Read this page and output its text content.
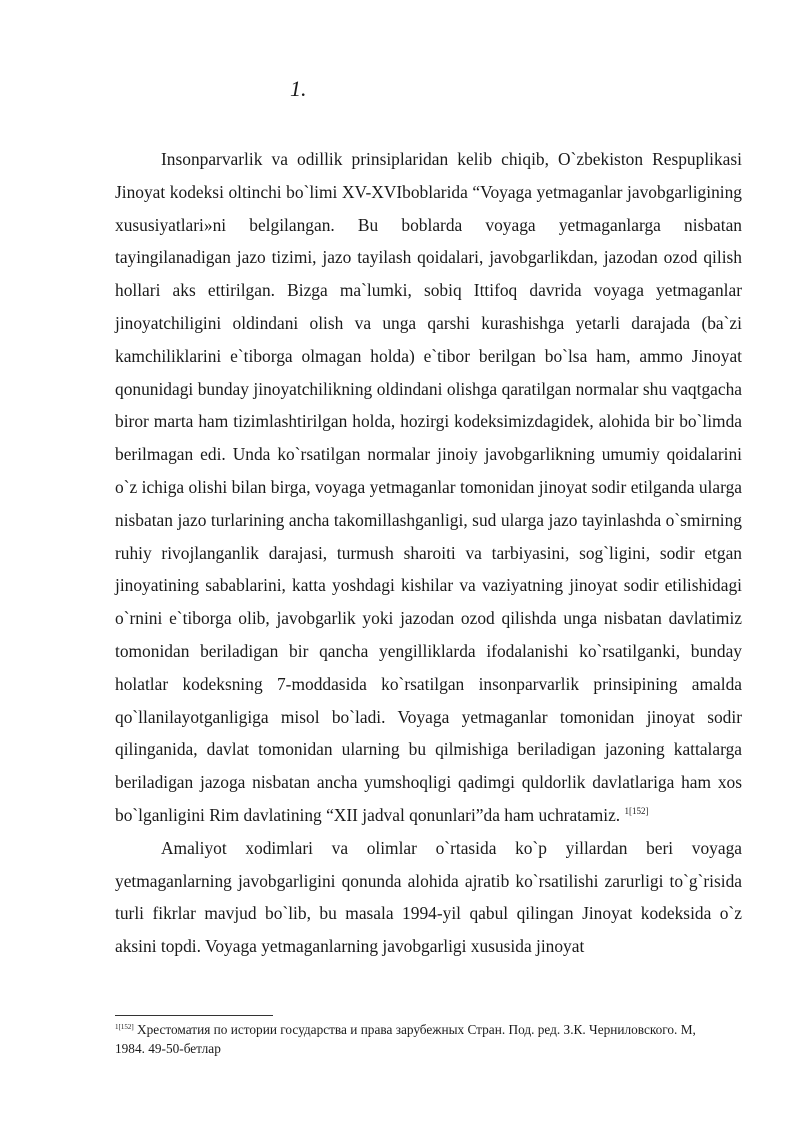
1.

Insonparvarlik va odillik prinsiplaridan kelib chiqib, O`zbekiston Respuplikasi Jinoyat kodeksi oltinchi bo`limi XV-XVIboblarida “Voyaga yetmaganlar javobgarligining xususiyatlari»ni belgilangan. Bu boblarda voyaga yetmaganlarga nisbatan tayingilanadigan jazo tizimi, jazo tayilash qoidalari, javobgarlikdan, jazodan ozod qilish hollari aks ettirilgan. Bizga ma`lumki, sobiq Ittifoq davrida voyaga yetmaganlar jinoyatchiligini oldindani olish va unga qarshi kurashishga yetarli darajada (ba`zi kamchiliklarini e`tiborga olmagan holda) e`tibor berilgan bo`lsa ham, ammo Jinoyat qonunidagi bunday jinoyatchilikning oldindani olishga qaratilgan normalar shu vaqtgacha biror marta ham tizimlashtirilgan holda, hozirgi kodeksimizdagidek, alohida bir bo`limda berilmagan edi. Unda ko`rsatilgan normalar jinoiy javobgarlikning umumiy qoidalarini o`z ichiga olishi bilan birga, voyaga yetmaganlar tomonidan jinoyat sodir etilganda ularga nisbatan jazo turlarining ancha takomillashganligi, sud ularga jazo tayinlashda o`smirning ruhiy rivojlanganlik darajasi, turmush sharoiti va tarbiyasini, sog`ligini, sodir etgan jinoyatining sabablarini, katta yoshdagi kishilar va vaziyatning jinoyat sodir etilishidagi o`rnini e`tiborga olib, javobgarlik yoki jazodan ozod qilishda unga nisbatan davlatimiz tomonidan beriladigan bir qancha yengilliklarda ifodalanishi ko`rsatilganki, bunday holatlar kodeksning 7-moddasida ko`rsatilgan insonparvarlik prinsipining amalda qo`llanilayotganligiga misol bo`ladi. Voyaga yetmaganlar tomonidan jinoyat sodir qilinganida, davlat tomonidan ularning bu qilmishiga beriladigan jazoning kattalarga beriladigan jazoga nisbatan ancha yumshoqligi qadimgi quldorlik davlatlariga ham xos bo`lganligini Rim davlatining “XII jadval qonunlari”da ham uchratamiz. $^{1[152]}$

Amaliyot xodimlari va olimlar o`rtasida ko`p yillardan beri voyaga yetmaganlarning javobgarligini qonunda alohida ajratib ko`rsatilishi zarurligi to`g`risida turli fikrlar mavjud bo`lib, bu masala 1994-yil qabul qilingan Jinoyat kodeksida o`z aksini topdi. Voyaga yetmaganlarning javobgarligi xususida jinoyat

$^{1[152]}$ Хрестоматия по истории государства и права зарубежных Стран. Под. ред. З.К. Черниловского. М, 1984. 49-50-бетлар
